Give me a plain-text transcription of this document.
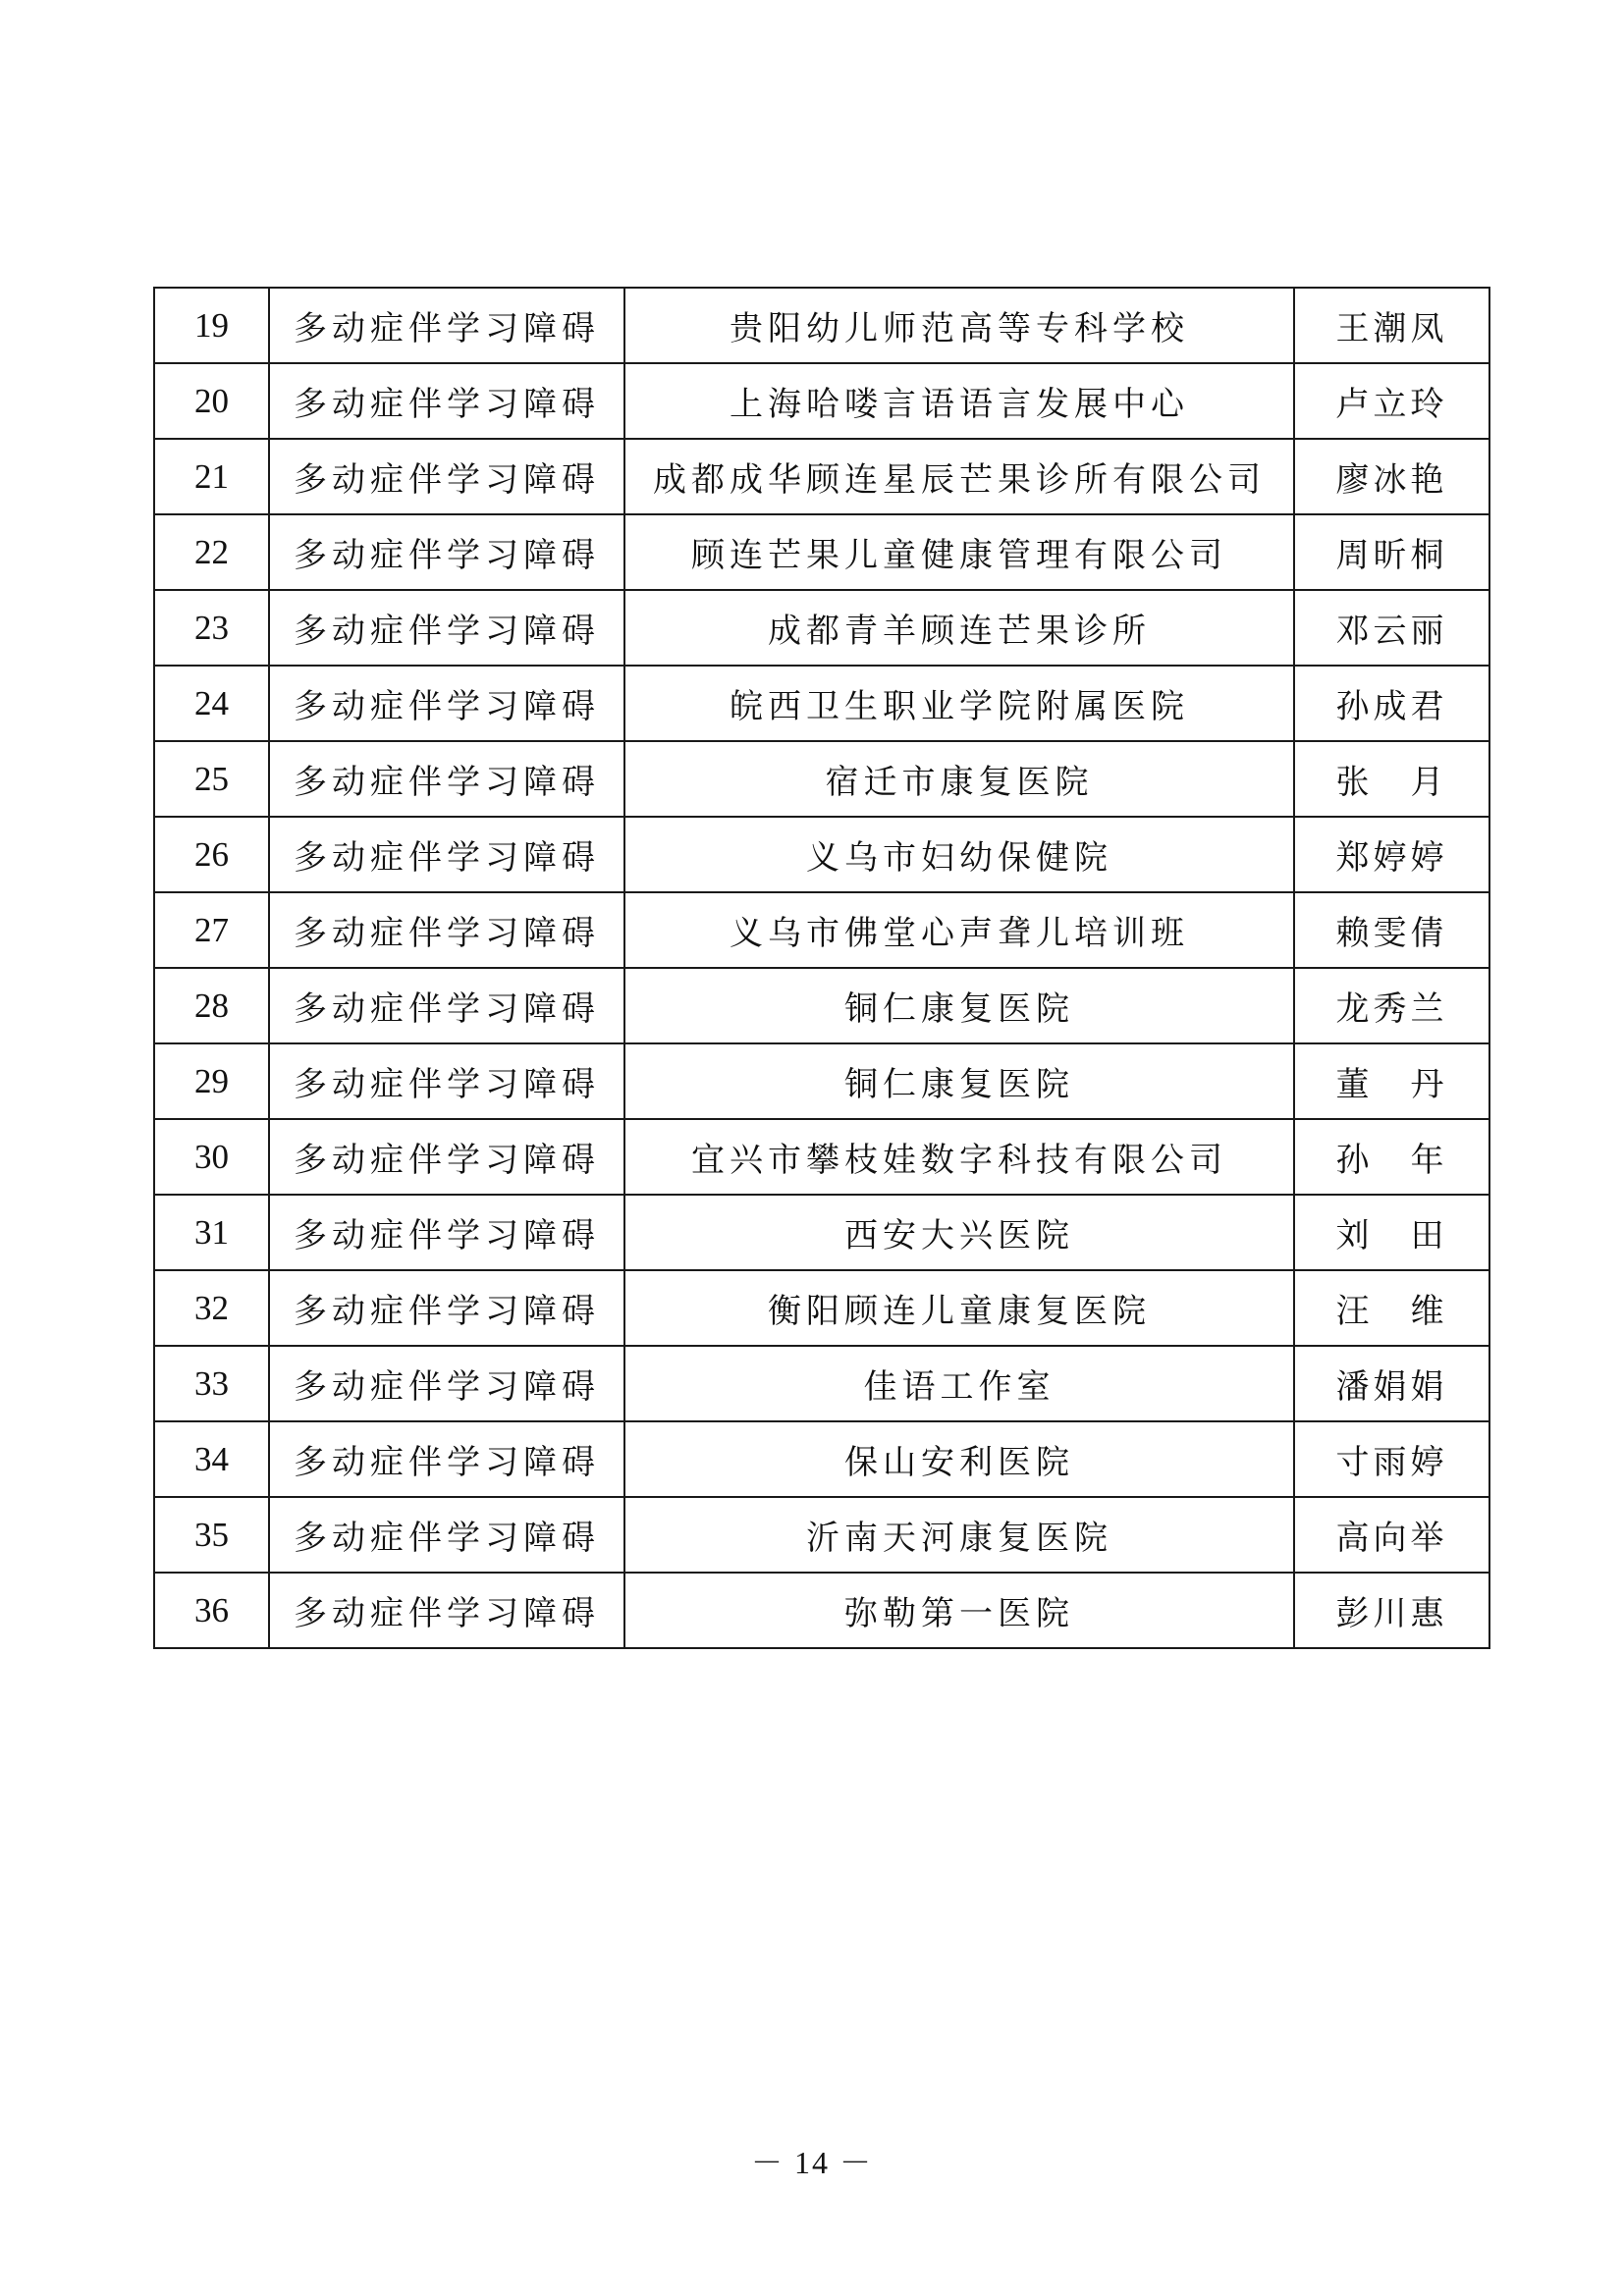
19	多动症伴学习障碍	贵阳幼儿师范高等专科学校	王潮凤
20	多动症伴学习障碍	上海哈喽言语语言发展中心	卢立玲
21	多动症伴学习障碍	成都成华顾连星辰芒果诊所有限公司	廖冰艳
22	多动症伴学习障碍	顾连芒果儿童健康管理有限公司	周昕桐
23	多动症伴学习障碍	成都青羊顾连芒果诊所	邓云丽
24	多动症伴学习障碍	皖西卫生职业学院附属医院	孙成君
25	多动症伴学习障碍	宿迁市康复医院	张　月
26	多动症伴学习障碍	义乌市妇幼保健院	郑婷婷
27	多动症伴学习障碍	义乌市佛堂心声聋儿培训班	赖雯倩
28	多动症伴学习障碍	铜仁康复医院	龙秀兰
29	多动症伴学习障碍	铜仁康复医院	董　丹
30	多动症伴学习障碍	宜兴市攀枝娃数字科技有限公司	孙　年
31	多动症伴学习障碍	西安大兴医院	刘　田
32	多动症伴学习障碍	衡阳顾连儿童康复医院	汪　维
33	多动症伴学习障碍	佳语工作室	潘娟娟
34	多动症伴学习障碍	保山安利医院	寸雨婷
35	多动症伴学习障碍	沂南天河康复医院	高向举
36	多动症伴学习障碍	弥勒第一医院	彭川惠
－ 14 －
